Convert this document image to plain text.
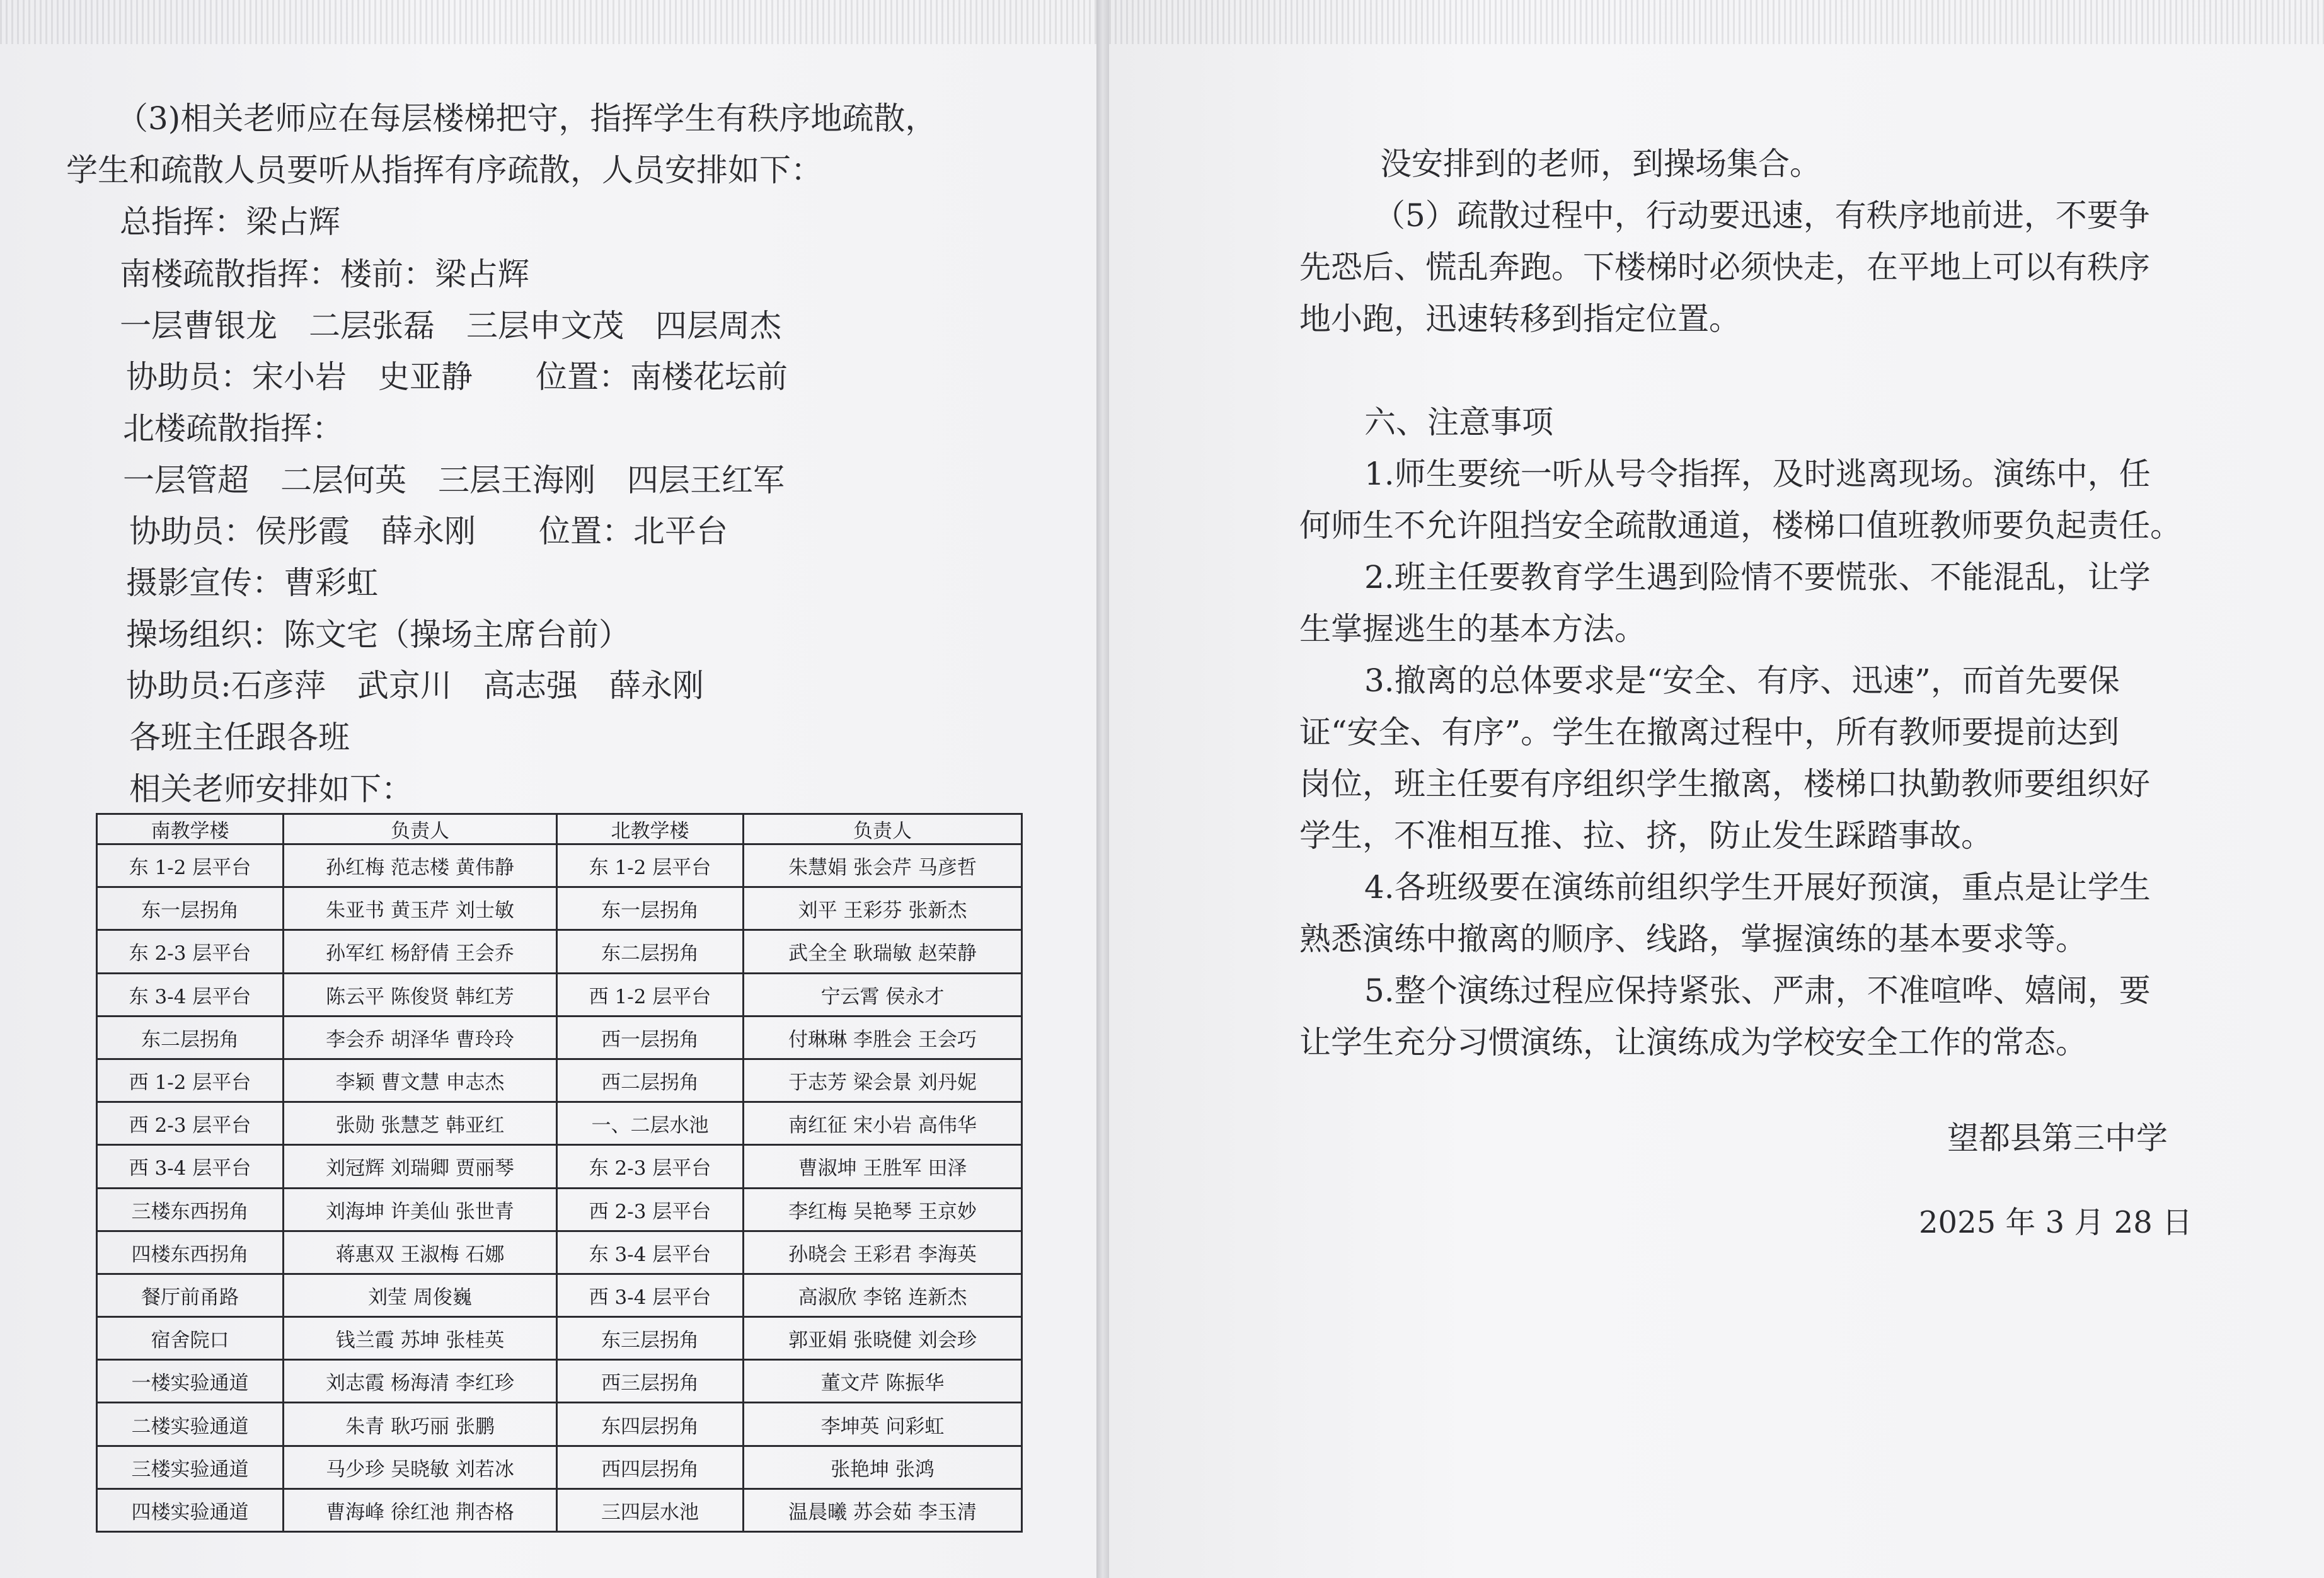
（3)相关老师应在每层楼梯把守，指挥学生有秩序地疏散，
学生和疏散人员要听从指挥有序疏散，人员安排如下：
总指挥：梁占辉
南楼疏散指挥：楼前：梁占辉
一层曹银龙　二层张磊　三层申文茂　四层周杰
协助员：宋小岩　史亚静　　位置：南楼花坛前
北楼疏散指挥：
一层管超　二层何英　三层王海刚　四层王红军
协助员：侯彤霞　薛永刚　　位置：北平台
摄影宣传：曹彩虹
操场组织：陈文宅（操场主席台前）
协助员:石彦萍　武京川　高志强　薛永刚
各班主任跟各班
相关老师安排如下：
南教学楼	负责人	北教学楼	负责人
东 1-2 层平台	孙红梅 范志楼 黄伟静	东 1-2 层平台	朱慧娟 张会芹 马彦哲
东一层拐角	朱亚书 黄玉芹 刘士敏	东一层拐角	刘平 王彩芬 张新杰
东 2-3 层平台	孙军红 杨舒倩 王会乔	东二层拐角	武全全 耿瑞敏 赵荣静
东 3-4 层平台	陈云平 陈俊贤 韩红芳	西 1-2 层平台	宁云霄 侯永才
东二层拐角	李会乔 胡泽华 曹玲玲	西一层拐角	付琳琳 李胜会 王会巧
西 1-2 层平台	李颖 曹文慧 申志杰	西二层拐角	于志芳 梁会景 刘丹妮
西 2-3 层平台	张勋 张慧芝 韩亚红	一、二层水池	南红征 宋小岩 高伟华
西 3-4 层平台	刘冠辉 刘瑞卿 贾丽琴	东 2-3 层平台	曹淑坤 王胜军 田泽
三楼东西拐角	刘海坤 许美仙 张世青	西 2-3 层平台	李红梅 吴艳琴 王京妙
四楼东西拐角	蒋惠双 王淑梅 石娜	东 3-4 层平台	孙晓会 王彩君 李海英
餐厅前甬路	刘莹 周俊巍	西 3-4 层平台	高淑欣 李铭 连新杰
宿舍院口	钱兰霞 苏坤 张桂英	东三层拐角	郭亚娟 张晓健 刘会珍
一楼实验通道	刘志霞 杨海清 李红珍	西三层拐角	董文芹 陈振华
二楼实验通道	朱青 耿巧丽 张鹏	东四层拐角	李坤英 问彩虹
三楼实验通道	马少珍 吴晓敏 刘若冰	西四层拐角	张艳坤 张鸿
四楼实验通道	曹海峰 徐红池 荆杏格	三四层水池	温晨曦 苏会茹 李玉清
没安排到的老师，到操场集合。
（5）疏散过程中，行动要迅速，有秩序地前进，不要争
先恐后、慌乱奔跑。下楼梯时必须快走，在平地上可以有秩序
地小跑，迅速转移到指定位置。
六、注意事项
1.师生要统一听从号令指挥，及时逃离现场。演练中，任
何师生不允许阻挡安全疏散通道，楼梯口值班教师要负起责任。
2.班主任要教育学生遇到险情不要慌张、不能混乱，让学
生掌握逃生的基本方法。
3.撤离的总体要求是“安全、有序、迅速”，而首先要保
证“安全、有序”。学生在撤离过程中，所有教师要提前达到
岗位，班主任要有序组织学生撤离，楼梯口执勤教师要组织好
学生，不准相互推、拉、挤，防止发生踩踏事故。
4.各班级要在演练前组织学生开展好预演，重点是让学生
熟悉演练中撤离的顺序、线路，掌握演练的基本要求等。
5.整个演练过程应保持紧张、严肃，不准喧哗、嬉闹，要
让学生充分习惯演练，让演练成为学校安全工作的常态。
望都县第三中学
2025 年 3 月 28 日
